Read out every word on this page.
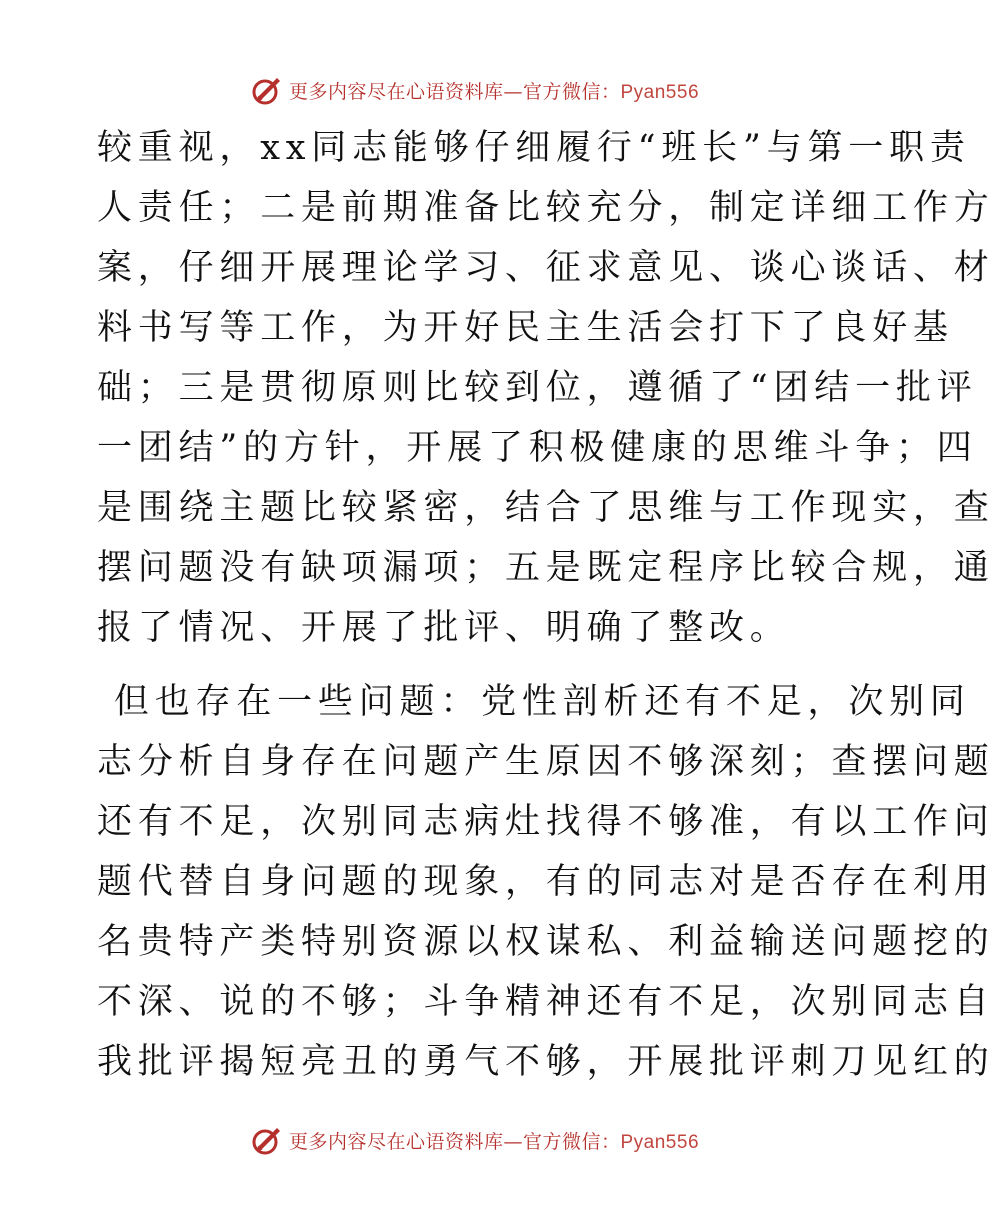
更多内容尽在心语资料库—官方微信：Pyan556
较重视，xx同志能够仔细履行“班长”与第一职责
人责任；二是前期准备比较充分，制定详细工作方
案，仔细开展理论学习、征求意见、谈心谈话、材
料书写等工作，为开好民主生活会打下了良好基
础；三是贯彻原则比较到位，遵循了“团结一批评
一团结”的方针，开展了积极健康的思维斗争；四
是围绕主题比较紧密，结合了思维与工作现实，查
摆问题没有缺项漏项；五是既定程序比较合规，通
报了情况、开展了批评、明确了整改。
但也存在一些问题：党性剖析还有不足，次别同
志分析自身存在问题产生原因不够深刻；查摆问题
还有不足，次别同志病灶找得不够准，有以工作问
题代替自身问题的现象，有的同志对是否存在利用
名贵特产类特别资源以权谋私、利益输送问题挖的
不深、说的不够；斗争精神还有不足，次别同志自
我批评揭短亮丑的勇气不够，开展批评刺刀见红的
更多内容尽在心语资料库—官方微信：Pyan556
